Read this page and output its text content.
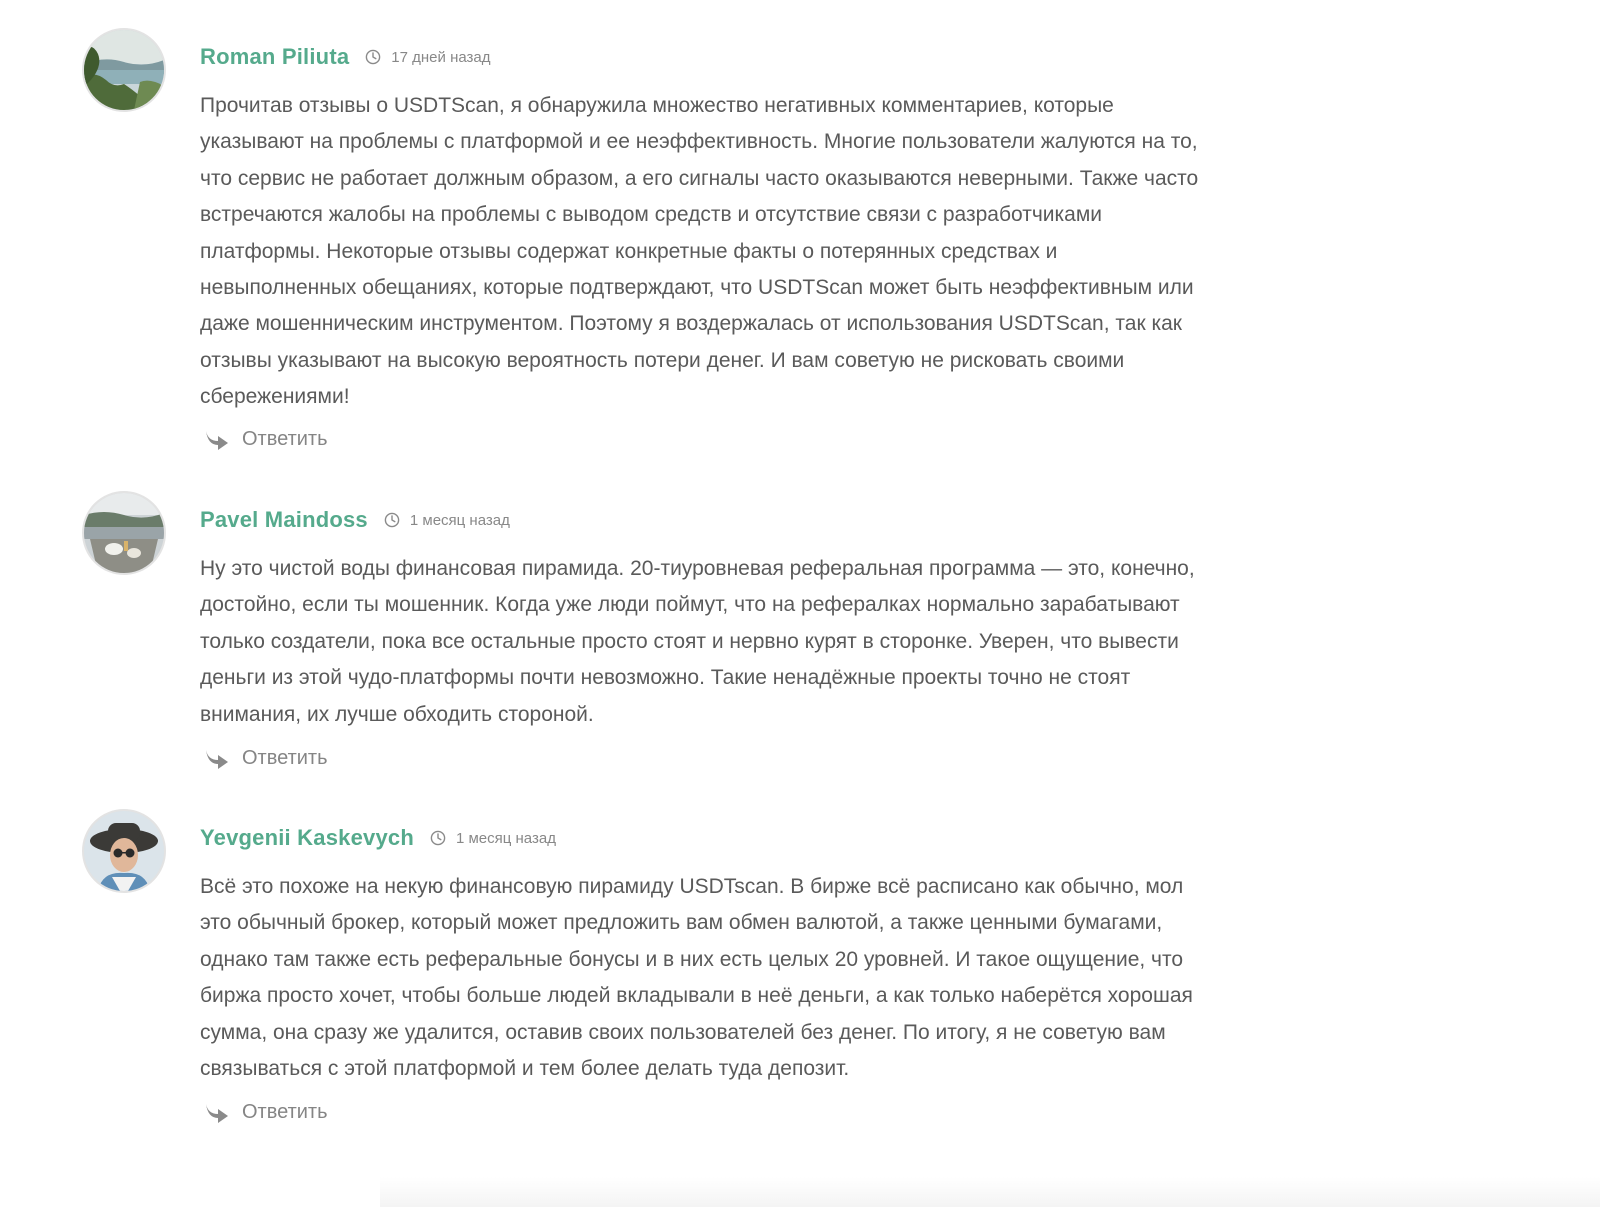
Roman Piliuta	17 дней назад

Прочитав отзывы о USDTScan, я обнаружила множество негативных комментариев, которые указывают на проблемы с платформой и ее неэффективность. Многие пользователи жалуются на то, что сервис не работает должным образом, а его сигналы часто оказываются неверными. Также часто встречаются жалобы на проблемы с выводом средств и отсутствие связи с разработчиками платформы. Некоторые отзывы содержат конкретные факты о потерянных средствах и невыполненных обещаниях, которые подтверждают, что USDTScan может быть неэффективным или даже мошенническим инструментом. Поэтому я воздержалась от использования USDTScan, так как отзывы указывают на высокую вероятность потери денег. И вам советую не рисковать своими сбережениями!

Ответить
Pavel Maindoss	1 месяц назад

Ну это чистой воды финансовая пирамида. 20-тиуровневая реферальная программа — это, конечно, достойно, если ты мошенник. Когда уже люди поймут, что на рефералках нормально зарабатывают только создатели, пока все остальные просто стоят и нервно курят в сторонке. Уверен, что вывести деньги из этой чудо-платформы почти невозможно. Такие ненадёжные проекты точно не стоят внимания, их лучше обходить стороной.

Ответить
Yevgenii Kaskevych	1 месяц назад

Всё это похоже на некую финансовую пирамиду USDTscan. В бирже всё расписано как обычно, мол это обычный брокер, который может предложить вам обмен валютой, а также ценными бумагами, однако там также есть реферальные бонусы и в них есть целых 20 уровней. И такое ощущение, что биржа просто хочет, чтобы больше людей вкладывали в неё деньги, а как только наберётся хорошая сумма, она сразу же удалится, оставив своих пользователей без денег. По итогу, я не советую вам связываться с этой платформой и тем более делать туда депозит.

Ответить
